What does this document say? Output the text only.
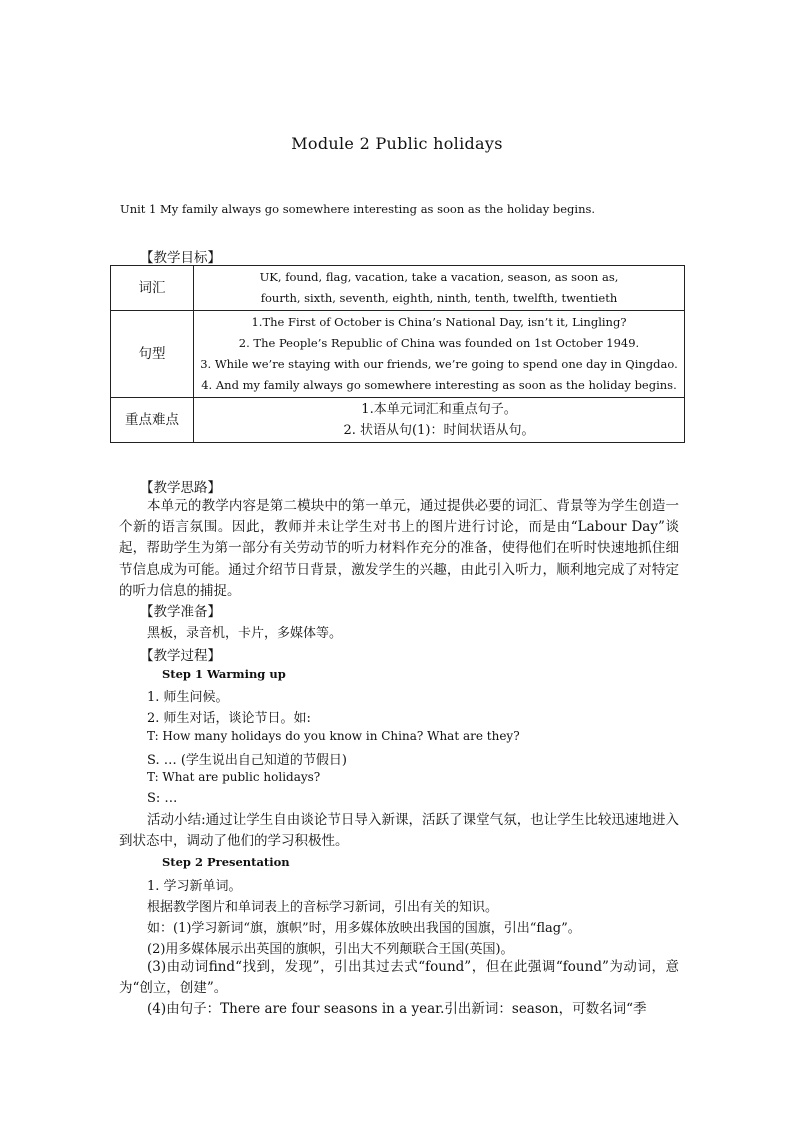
Module 2 Public holidays
Unit 1 My family always go somewhere interesting as soon as the holiday begins.
【教学目标】
词汇	UK, found, flag, vacation, take a vacation, season, as soon as,
fourth, sixth, seventh, eighth, ninth, tenth, twelfth, twentieth

句型	1.The First of October is China’s National Day, isn’t it, Lingling?
2. The People’s Republic of China was founded on 1st October 1949.
3. While we’re staying with our friends, we’re going to spend one day in Qingdao.
4. And my family always go somewhere interesting as soon as the holiday begins.

重点难点	1.本单元词汇和重点句子。
2. 状语从句(1)：时间状语从句。
【教学思路】
本单元的教学内容是第二模块中的第一单元，通过提供必要的词汇、背景等为学生创造一个新的语言氛围。因此，教师并未让学生对书上的图片进行讨论，而是由“Labour Day”谈起，帮助学生为第一部分有关劳动节的听力材料作充分的准备，使得他们在听时快速地抓住细节信息成为可能。通过介绍节日背景，激发学生的兴趣，由此引入听力，顺利地完成了对特定的听力信息的捕捉。
【教学准备】
黑板，录音机，卡片，多媒体等。
【教学过程】
Step 1 Warming up
1. 师生问候。
2. 师生对话，谈论节日。如:
T: How many holidays do you know in China? What are they?
S. … (学生说出自己知道的节假日)
T: What are public holidays?
S: …
活动小结:通过让学生自由谈论节日导入新课，活跃了课堂气氛，也让学生比较迅速地进入到状态中，调动了他们的学习积极性。
Step 2 Presentation
1. 学习新单词。
根据教学图片和单词表上的音标学习新词，引出有关的知识。
如：(1)学习新词“旗，旗帜”时，用多媒体放映出我国的国旗，引出“flag”。
(2)用多媒体展示出英国的旗帜，引出大不列颠联合王国(英国)。
(3)由动词find“找到，发现”，引出其过去式“found”，但在此强调“found”为动词，意为“创立，创建”。
(4)由句子：There are four seasons in a year.引出新词：season，可数名词“季
